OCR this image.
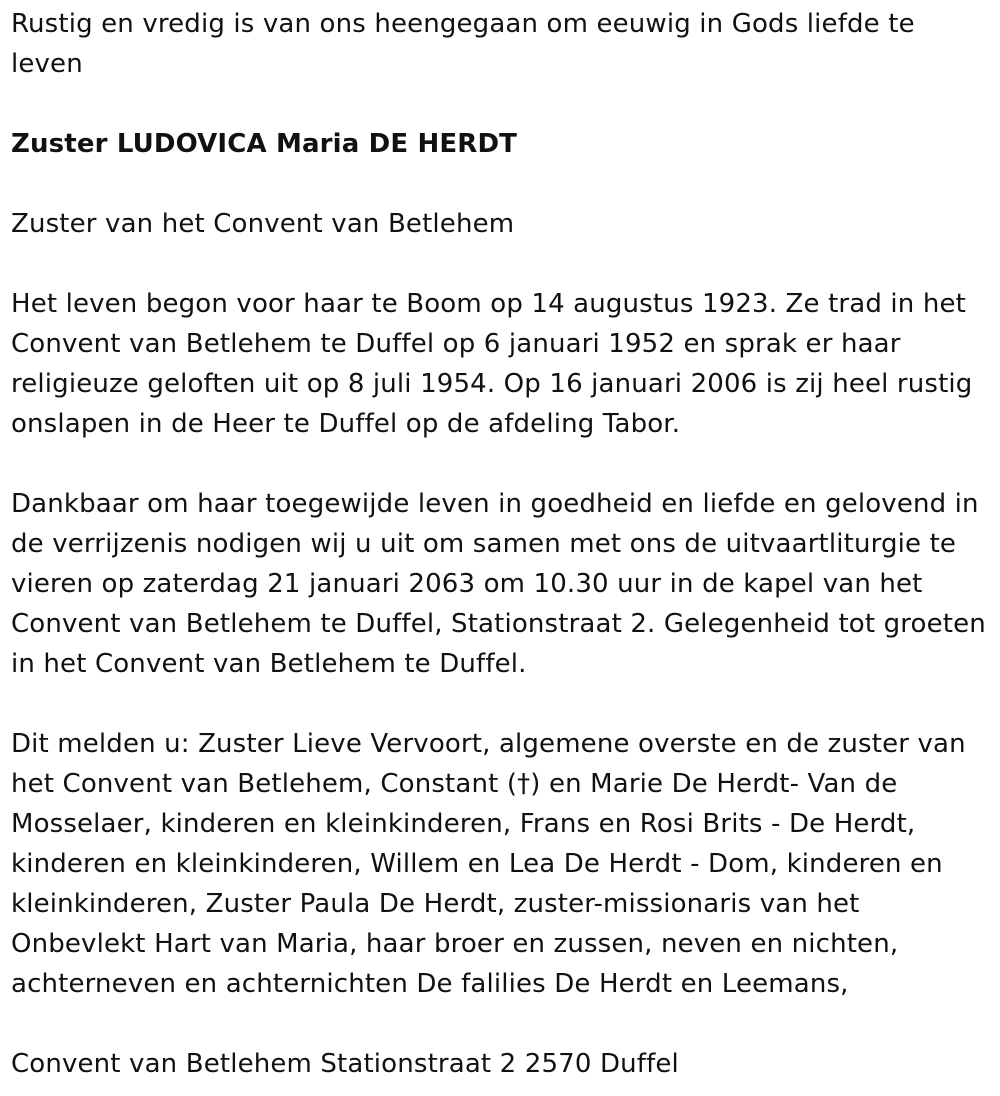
Rustig en vredig is van ons heengegaan om eeuwig in Gods liefde te leven

Zuster LUDOVICA Maria DE HERDT

Zuster van het Convent van Betlehem

Het leven begon voor haar te Boom op 14 augustus 1923. Ze trad in het Convent van Betlehem te Duffel op 6 januari 1952 en sprak er haar religieuze geloften uit op 8 juli 1954. Op 16 januari 2006 is zij heel rustig onslapen in de Heer te Duffel op de afdeling Tabor.

Dankbaar om haar toegewijde leven in goedheid en liefde en gelovend in de verrijzenis nodigen wij u uit om samen met ons de uitvaartliturgie te vieren op zaterdag 21 januari 2063 om 10.30 uur in de kapel van het Convent van Betlehem te Duffel, Stationstraat 2. Gelegenheid tot groeten in het Convent van Betlehem te Duffel.

Dit melden u: Zuster Lieve Vervoort, algemene overste en de zuster van het Convent van Betlehem, Constant (†) en Marie De Herdt- Van de Mosselaer, kinderen en kleinkinderen, Frans en Rosi Brits - De Herdt, kinderen en kleinkinderen, Willem en Lea De Herdt - Dom, kinderen en kleinkinderen, Zuster Paula De Herdt, zuster-missionaris van het Onbevlekt Hart van Maria, haar broer en zussen, neven en nichten, achterneven en achternichten De falilies De Herdt en Leemans,

Convent van Betlehem Stationstraat 2 2570 Duffel
